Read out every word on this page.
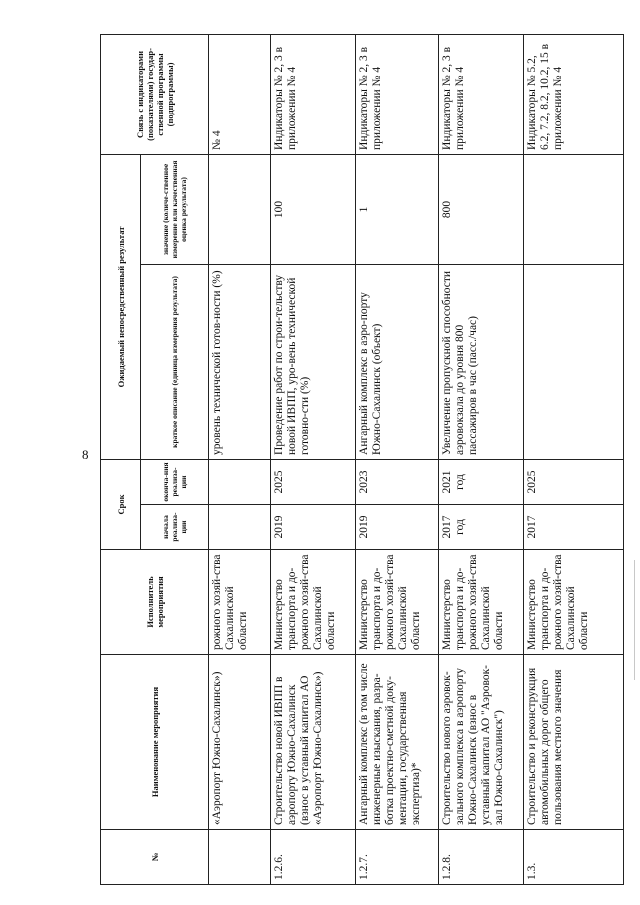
8
№	Наименование мероприятия	Исполнитель мероприятия	Срок		Ожидаемый непосредственный результат		Связь с индикаторами (показателями) государ-ственной программы (подпрограммы)
			начала реализа-ции	оконча-ния реализа-ции	краткое описание (единица измерения результата)	значение (количе-ственное измерение или качественная оценка результата)	
	«Аэропорт Южно-Сахалинск»)	рожного хозяй-ства Сахалинской области			уровень технической готов-ности (%)		№ 4
1.2.6.	Строительство новой ИВПП в аэропорту Южно-Сахалинск (взнос в уставный капитал АО «Аэропорт Южно-Сахалинск»)	Министерство транспорта и до-рожного хозяй-ства Сахалинской области	2019	2025	Проведение работ по строи-тельству новой ИВПП, уро-вень технической готовно-сти (%)	100	Индикаторы № 2, 3 в приложении № 4
1.2.7.	Ангарный комплекс (в том числе инженерные изыскания, разра-ботка проектно-сметной доку-ментации, государственная экспертиза)*	Министерство транспорта и до-рожного хозяй-ства Сахалинской области	2019	2023	Ангарный комплекс в аэро-порту Южно-Сахалинск (объект)	1	Индикаторы № 2, 3 в приложении № 4
1.2.8.	Строительство нового аэровок-зального комплекса в аэропорту Южно-Сахалинск (взнос в уставный капитал АО "Аэровок-зал Южно-Сахалинск")	Министерство транспорта и до-рожного хозяй-ства Сахалинской области	2017 год	2021 год	Увеличение пропускной способности аэровокзала до уровня 800 пассажиров в час (пасс./час)	800	Индикаторы № 2, 3 в приложении № 4
1.3.	Строительство и реконструкция автомобильных дорог общего пользования местного значения	Министерство транспорта и до-рожного хозяй-ства Сахалинской области	2017	2025			Индикаторы № 5.2, 6.2, 7.2, 8.2, 10.2, 15 в приложении № 4
